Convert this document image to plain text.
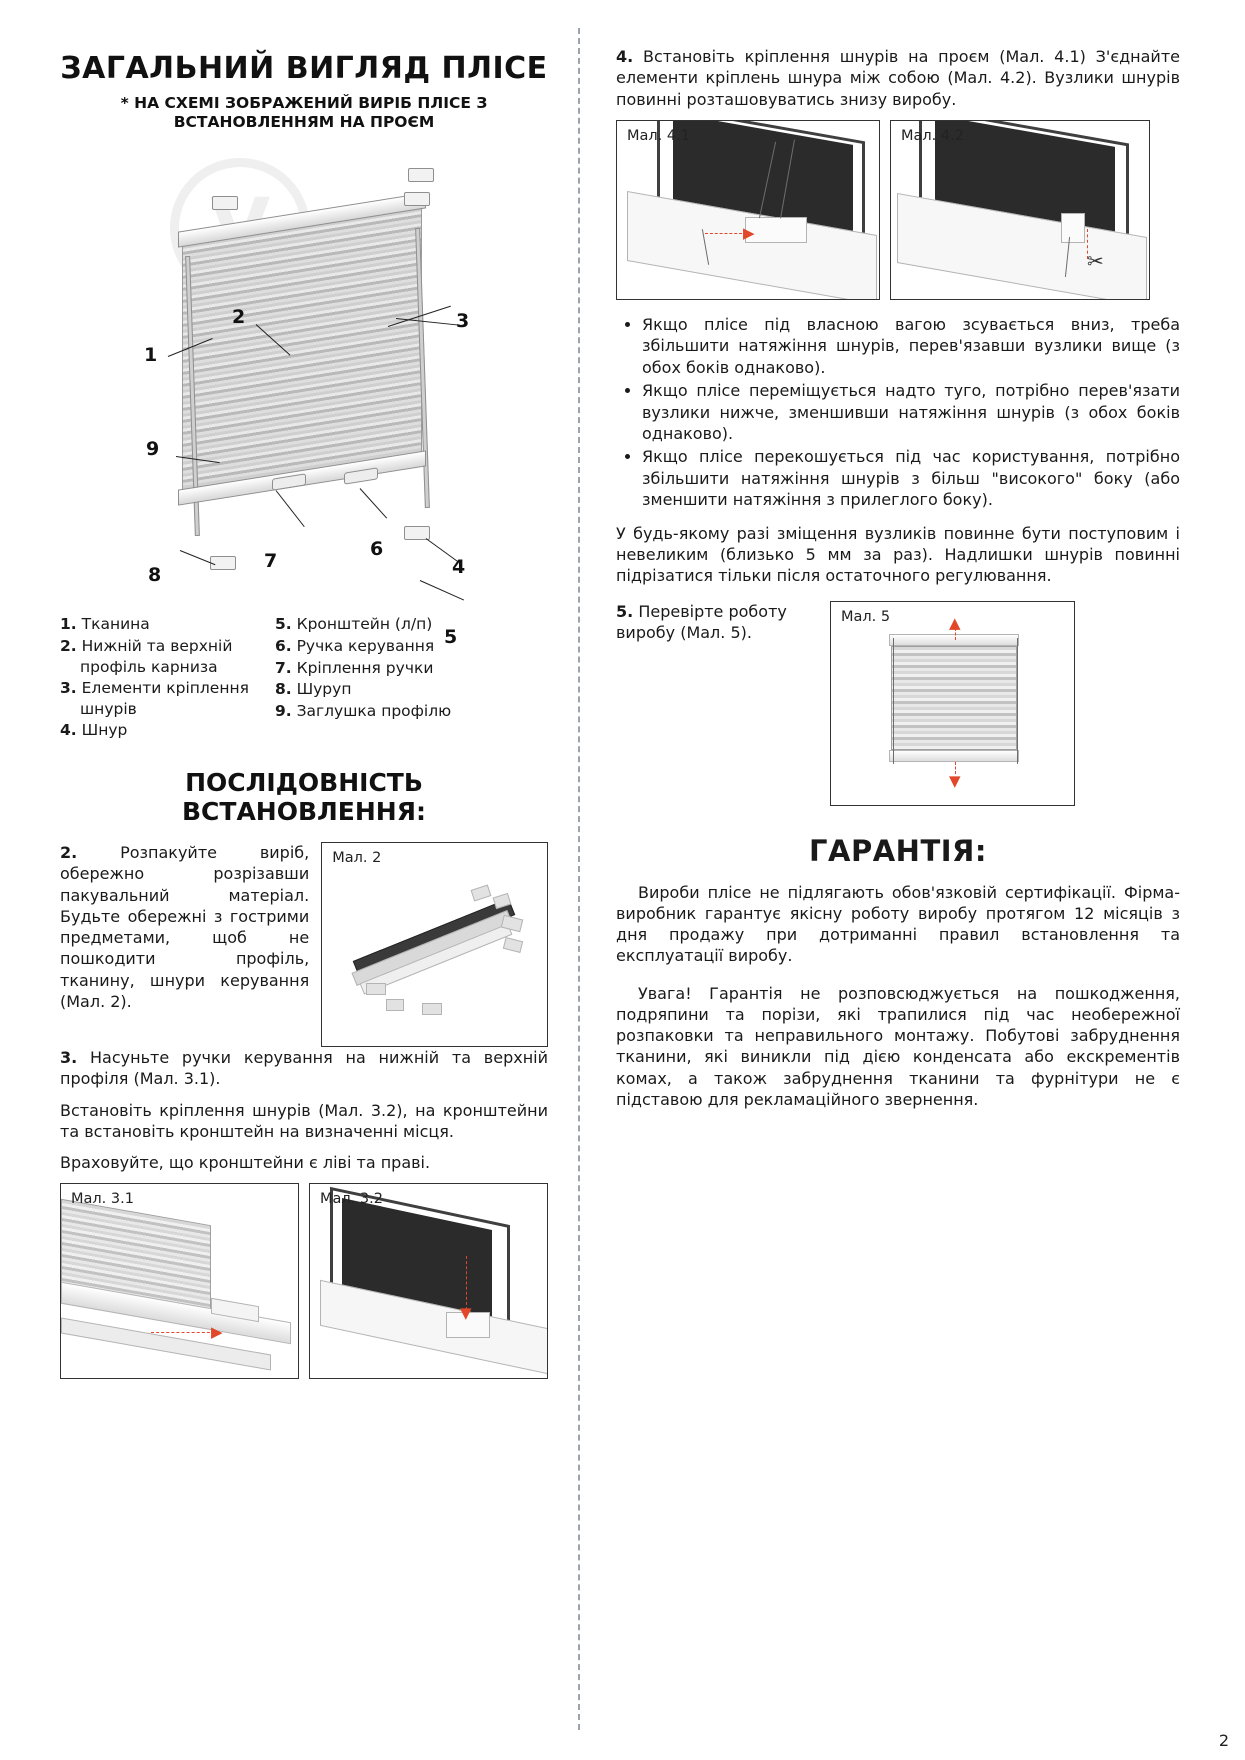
ЗАГАЛЬНИЙ ВИГЛЯД ПЛІСЕ
* НА СХЕМІ ЗОБРАЖЕНИЙ ВИРІБ ПЛІСЕ З ВСТАНОВЛЕННЯМ НА ПРОЄМ
1
2	3
4
5
6
7
8
9
1. Тканина
2. Нижній та верхній
профіль карниза
3. Елементи кріплення
шнурів
4. Шнур
5. Кронштейн (л/п)
6. Ручка керування
7. Кріплення ручки
8. Шуруп
9. Заглушка профілю
ПОСЛІДОВНІСТЬ ВСТАНОВЛЕННЯ:

2.	Розпакуйте виріб, обережно розрізавши пакувальний матеріал. Будьте обережні з гострими предметами, щоб не пошкодити профіль, тканину, шнури керування (Мал. 2).

Мал. 2

3. Насуньте ручки керування на нижній та верхній профіля (Мал. 3.1).

Встановіть кріплення шнурів (Мал. 3.2), на кронштейни та встановіть кронштейн на визначенні місця.

Враховуйте, що кронштейни є ліві та праві.

Мал. 3.1
▶
Мал. 3.2
▼

4. Встановіть кріплення шнурів на проєм (Мал. 4.1) З'єднайте елементи кріплень шнура між собою (Мал. 4.2). Вузлики шнурів повинні розташовуватись знизу виробу.

Мал. 4.1
▶
Мал. 4.2
✂
• Якщо пліcе під власною вагою зсувається вниз, треба збільшити натяжіння шнурів, перев'язавши вузлики вище (з обох боків однаково).
• Якщо пліcе переміщується надто туго, потрібно перев'язати вузлики нижче, зменшивши натяжіння шнурів (з обох боків однаково).
• Якщо пліcе перекошується під час користування, потрібно збільшити натяжіння шнурів з більш "високого" боку (або зменшити натяжіння з прилеглого боку).

У будь-якому разі зміщення вузликів повинне бути поступовим і невеликим (близько 5 мм за раз). Надлишки шнурів повинні підрізатися тільки після остаточного регулювання.

5. Перевірте роботу виробу (Мал. 5).
Мал. 5	▲
▼
ГАРАНТІЯ:

Вироби пліcе не підлягають обов'язковій сертифікації. Фірма-виробник гарантує якісну роботу виробу протягом 12 місяців з дня продажу при дотриманні правил встановлення та експлуатації виробу.

Увага! Гарантія не розповсюджується на пошкодження, подряпини та порізи, які трапилися під час необережної розпаковки та неправильного монтажу. Побутові забруднення тканини, які виникли під дією конденсата або екскрементів комах, а також забруднення тканини та фурнітури не є підставою для рекламаційного звернення.

2
